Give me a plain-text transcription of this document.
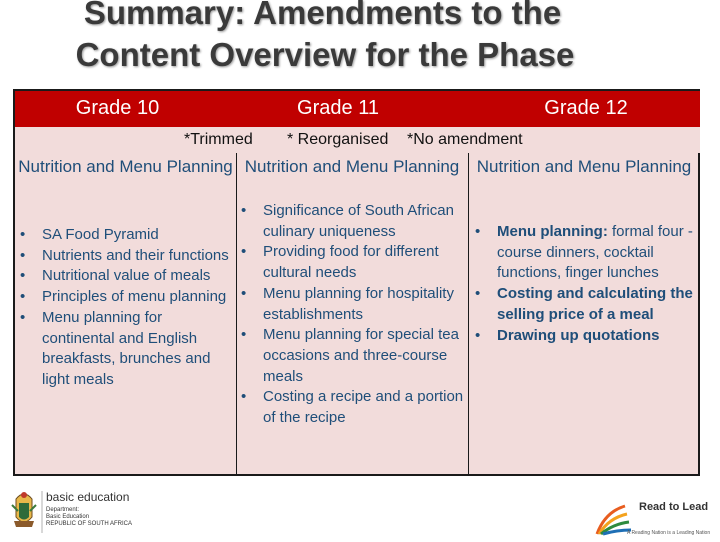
Summary: Amendments to the
Content Overview for the Phase
Grade 10	Grade 11	Grade 12
*Trimmed * Reorganised *No amendment
Nutrition and Menu Planning
• SA Food Pyramid
• Nutrients and their functions
• Nutritional value of meals
• Principles of menu planning
• Menu planning for continental and English breakfasts, brunches and light meals
Nutrition and Menu Planning
• Significance of South African culinary uniqueness
• Providing food for different cultural needs
• Menu planning for hospitality establishments
• Menu planning for special tea occasions and three-course meals
• Costing a recipe and a portion of the recipe
Nutrition and Menu Planning
• Menu planning: formal four -course dinners, cocktail functions, finger lunches
• Costing and calculating the selling price of a meal
• Drawing up quotations
basic education
Department:
Basic Education
REPUBLIC OF SOUTH AFRICA
Read to Lead
A Reading Nation is a Leading Nation
